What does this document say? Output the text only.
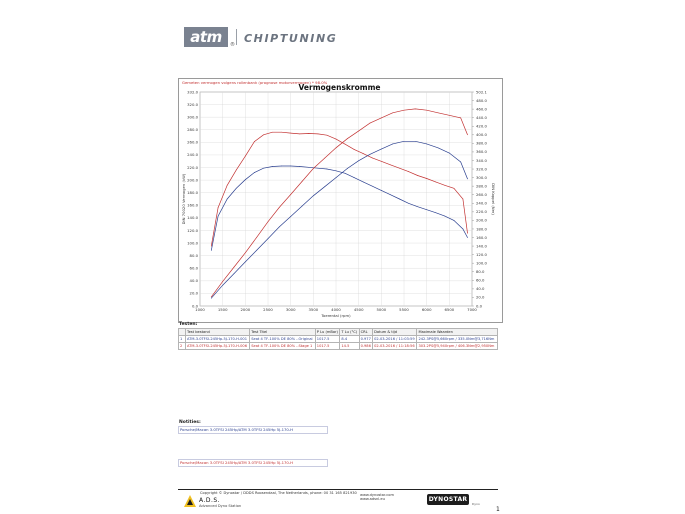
atm	® CHIPTUNING
Gemeten vermogen volgens rollenbank (prognose motorvermogen) * 98.0%
Vermogenskromme
1000	1500	2000	2500	3000	3500	4000	4500	5000	5500	6000	6500	7000
0.0
20.0
40.0
60.0
80.0
100.0
120.0
140.0
160.0
180.0
200.0
220.0
240.0
260.0
280.0
300.0
320.0
332.0
0.0
20.0
40.0
60.0
80.0
100.0
120.0
140.0
160.0
180.0
200.0
220.0
240.0
260.0
280.0
300.0
320.0
340.0
360.0
380.0
400.0
420.0
440.0
460.0
480.0
502.1
Toerental (rpm)
DIN 70020 Vermogen (kW)	DIN Koppel (Nm)
Testen:
	Test bestand	Test Titel	P Lu (mBar)	T Lu (°C)	CRL	Datum & tijd	Maximale Waarden
1	ATM-3.0TFSI-245Hp-5J-170-H-001	Seat 4 TF-100% DE 80% ..Original	1017.5	8.4	0.977	02-03-2016 / 11:03:59	242.3PS@5,660rpm / 335.0Nm@3,716Nm
2	ATM-3.0TFSI-245Hp-5J-170-H-006	Seat 4 TF-100% DE 80% ..Stage 1	1017.5	14.5	0.986	02-03-2016 / 11:18:56	303.2PS@5,940rpm / 406.3Nm@2,950Nm
Notities:
Porsche/Macan 3.0TFSI 245Hp/ATM 3.0TFSI 245Hp 5J-170-H
Porsche/Macan 3.0TFSI 245Hp/ATM 3.0TFSI 245Hp 5J-170-H
A.D.S.
Advanced Dyno Station
Copyright © Dynostar / DDDS Roosendaal, The Netherlands, phone: 00 31 165 821930 www.dynostar.com
www.adsnl.eu	DYNOSTAR
Dyno
1
